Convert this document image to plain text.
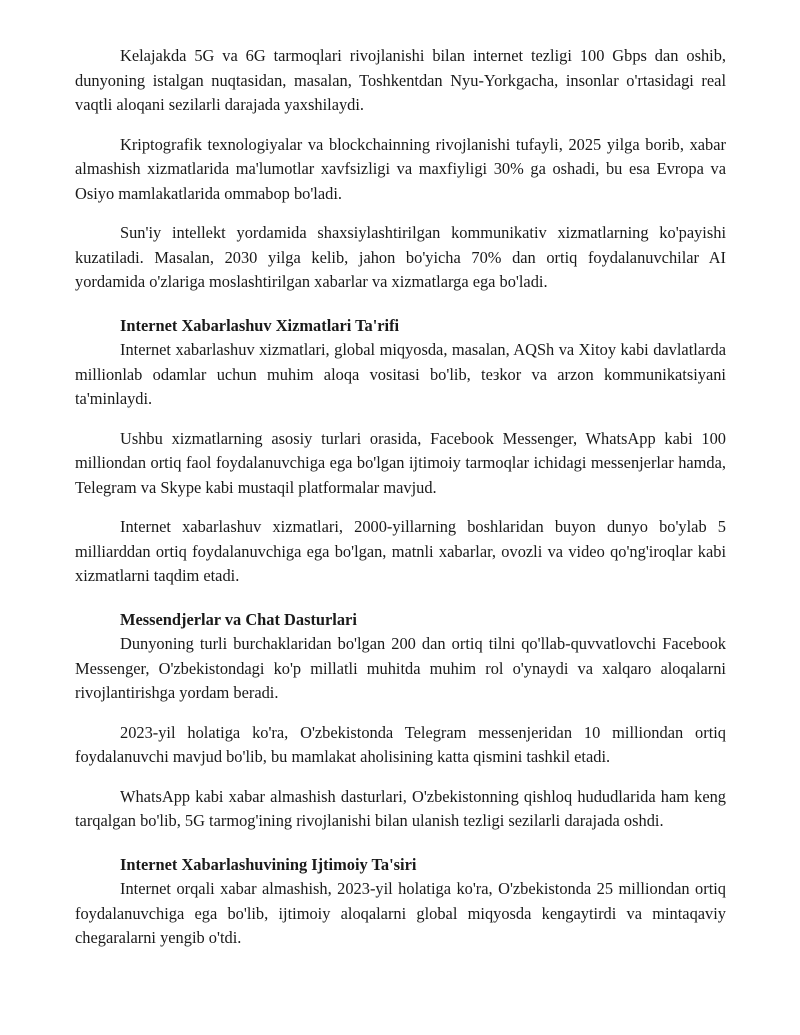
Kelajakda 5G va 6G tarmoqlari rivojlanishi bilan internet tezligi 100 Gbps dan oshib, dunyoning istalgan nuqtasidan, masalan, Toshkentdan Nyu-Yorkgacha, insonlar o'rtasidagi real vaqtli aloqani sezilarli darajada yaxshilaydi.

Kriptografik texnologiyalar va blockchainning rivojlanishi tufayli, 2025 yilga borib, xabar almashish xizmatlarida ma'lumotlar xavfsizligi va maxfiyligi 30% ga oshadi, bu esa Evropa va Osiyo mamlakatlarida ommabop bo'ladi.

Sun'iy intellekt yordamida shaxsiylashtirilgan kommunikativ xizmatlarning ko'payishi kuzatiladi. Masalan, 2030 yilga kelib, jahon bo'yicha 70% dan ortiq foydalanuvchilar AI yordamida o'zlariga moslashtirilgan xabarlar va xizmatlarga ega bo'ladi.

Internet Xabarlashuv Xizmatlari Ta'rifi

Internet xabarlashuv xizmatlari, global miqyosda, masalan, AQSh va Xitoy kabi davlatlarda millionlab odamlar uchun muhim aloqa vositasi bo'lib, teзkor va arzon kommunikatsiyani ta'minlaydi.

Ushbu xizmatlarning asosiy turlari orasida, Facebook Messenger, WhatsApp kabi 100 milliondan ortiq faol foydalanuvchiga ega bo'lgan ijtimoiy tarmoqlar ichidagi messenjerlar hamda, Telegram va Skype kabi mustaqil platformalar mavjud.

Internet xabarlashuv xizmatlari, 2000-yillarning boshlaridan buyon dunyo bo'ylab 5 milliarddan ortiq foydalanuvchiga ega bo'lgan, matnli xabarlar, ovozli va video qo'ng'iroqlar kabi xizmatlarni taqdim etadi.

Messendjerlar va Chat Dasturlari

Dunyoning turli burchaklaridan bo'lgan 200 dan ortiq tilni qo'llab-quvvatlovchi Facebook Messenger, O'zbekistondagi ko'p millatli muhitda muhim rol o'ynaydi va xalqaro aloqalarni rivojlantirishga yordam beradi.

2023-yil holatiga ko'ra, O'zbekistonda Telegram messenjeridan 10 milliondan ortiq foydalanuvchi mavjud bo'lib, bu mamlakat aholisining katta qismini tashkil etadi.

WhatsApp kabi xabar almashish dasturlari, O'zbekistonning qishloq hududlarida ham keng tarqalgan bo'lib, 5G tarmog'ining rivojlanishi bilan ulanish tezligi sezilarli darajada oshdi.

Internet Xabarlashuvining Ijtimoiy Ta'siri

Internet orqali xabar almashish, 2023-yil holatiga ko'ra, O'zbekistonda 25 milliondan ortiq foydalanuvchiga ega bo'lib, ijtimoiy aloqalarni global miqyosda kengaytirdi va mintaqaviy chegaralarni yengib o'tdi.
